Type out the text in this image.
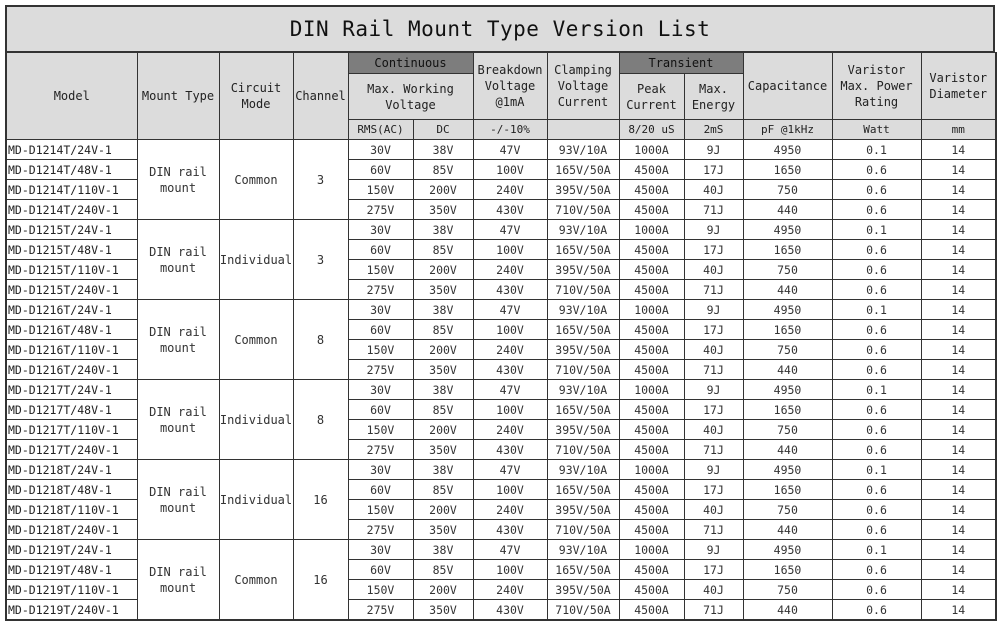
DIN Rail Mount Type Version List
Model	Mount Type	Circuit Mode	Channel	Continuous		Breakdown Voltage @1mA	Clamping Voltage Current	Transient		Capacitance	Varistor Max. Power Rating	Varistor Diameter
				Max. Working Voltage				Peak Current	Max. Energy			
				RMS(AC)	DC	-/-10%		8/20 uS	2mS	pF @1kHz	Watt	mm
MD-D1214T/24V-1	DIN rail mount	Common	3	30V	38V	47V	93V/10A	1000A	9J	4950	0.1	14
MD-D1214T/48V-1				60V	85V	100V	165V/50A	4500A	17J	1650	0.6	14
MD-D1214T/110V-1				150V	200V	240V	395V/50A	4500A	40J	750	0.6	14
MD-D1214T/240V-1				275V	350V	430V	710V/50A	4500A	71J	440	0.6	14
MD-D1215T/24V-1	DIN rail mount	Individual	3	30V	38V	47V	93V/10A	1000A	9J	4950	0.1	14
MD-D1215T/48V-1				60V	85V	100V	165V/50A	4500A	17J	1650	0.6	14
MD-D1215T/110V-1				150V	200V	240V	395V/50A	4500A	40J	750	0.6	14
MD-D1215T/240V-1				275V	350V	430V	710V/50A	4500A	71J	440	0.6	14
MD-D1216T/24V-1	DIN rail mount	Common	8	30V	38V	47V	93V/10A	1000A	9J	4950	0.1	14
MD-D1216T/48V-1				60V	85V	100V	165V/50A	4500A	17J	1650	0.6	14
MD-D1216T/110V-1				150V	200V	240V	395V/50A	4500A	40J	750	0.6	14
MD-D1216T/240V-1				275V	350V	430V	710V/50A	4500A	71J	440	0.6	14
MD-D1217T/24V-1	DIN rail mount	Individual	8	30V	38V	47V	93V/10A	1000A	9J	4950	0.1	14
MD-D1217T/48V-1				60V	85V	100V	165V/50A	4500A	17J	1650	0.6	14
MD-D1217T/110V-1				150V	200V	240V	395V/50A	4500A	40J	750	0.6	14
MD-D1217T/240V-1				275V	350V	430V	710V/50A	4500A	71J	440	0.6	14
MD-D1218T/24V-1	DIN rail mount	Individual	16	30V	38V	47V	93V/10A	1000A	9J	4950	0.1	14
MD-D1218T/48V-1				60V	85V	100V	165V/50A	4500A	17J	1650	0.6	14
MD-D1218T/110V-1				150V	200V	240V	395V/50A	4500A	40J	750	0.6	14
MD-D1218T/240V-1				275V	350V	430V	710V/50A	4500A	71J	440	0.6	14
MD-D1219T/24V-1	DIN rail mount	Common	16	30V	38V	47V	93V/10A	1000A	9J	4950	0.1	14
MD-D1219T/48V-1				60V	85V	100V	165V/50A	4500A	17J	1650	0.6	14
MD-D1219T/110V-1				150V	200V	240V	395V/50A	4500A	40J	750	0.6	14
MD-D1219T/240V-1				275V	350V	430V	710V/50A	4500A	71J	440	0.6	14
